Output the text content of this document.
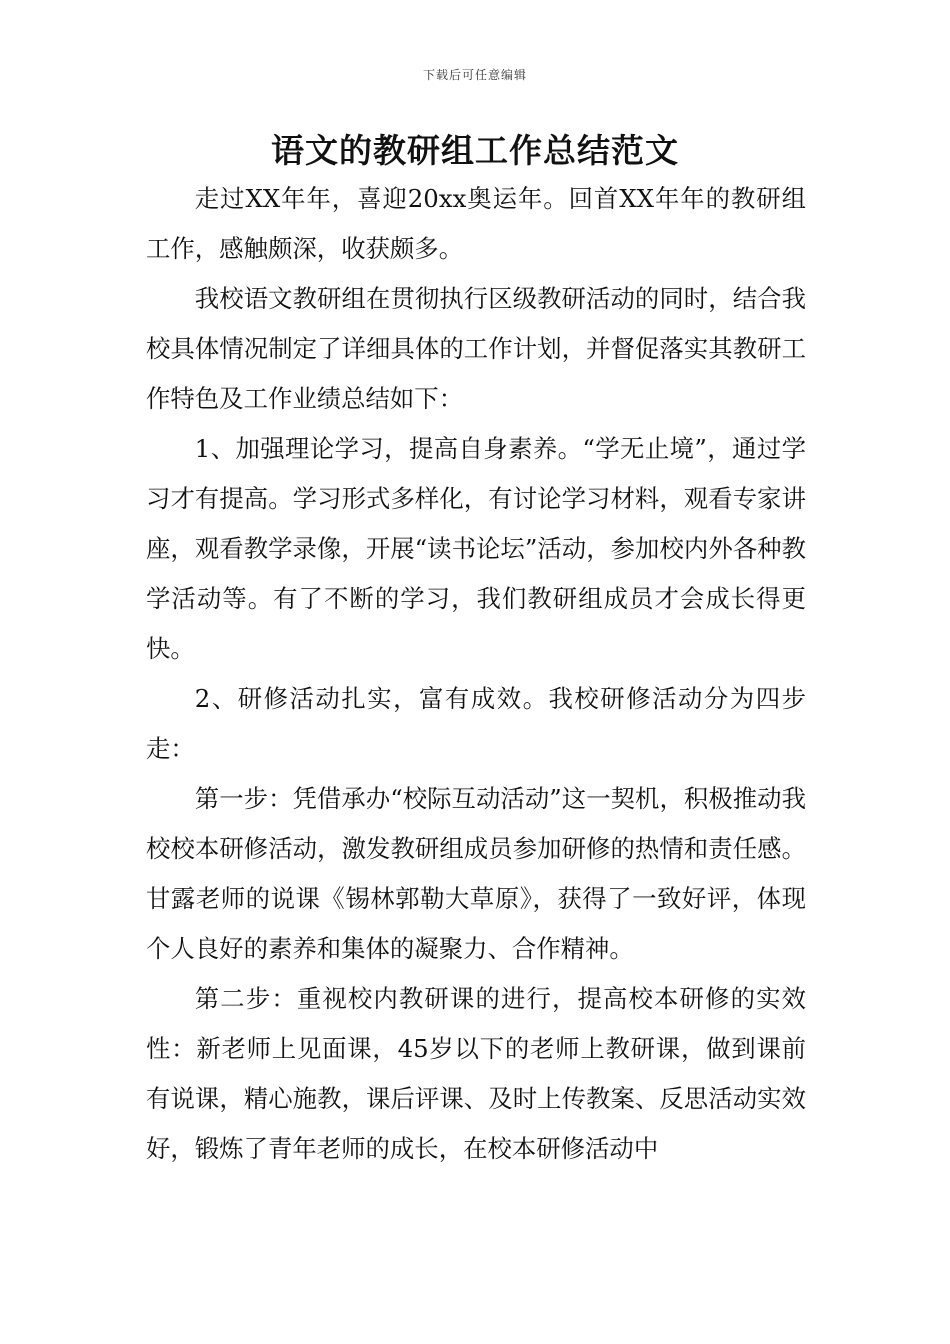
下载后可任意编辑
语文的教研组工作总结范文

走过XX年年，喜迎20xx奥运年。回首XX年年的教研组工作，感触颇深，收获颇多。

我校语文教研组在贯彻执行区级教研活动的同时，结合我校具体情况制定了详细具体的工作计划，并督促落实其教研工作特色及工作业绩总结如下：

1、加强理论学习，提高自身素养。“学无止境”，通过学习才有提高。学习形式多样化，有讨论学习材料，观看专家讲座，观看教学录像，开展“读书论坛”活动，参加校内外各种教学活动等。有了不断的学习，我们教研组成员才会成长得更快。

2、研修活动扎实，富有成效。我校研修活动分为四步走：

第一步：凭借承办“校际互动活动”这一契机，积极推动我校校本研修活动，激发教研组成员参加研修的热情和责任感。甘露老师的说课《锡林郭勒大草原》，获得了一致好评，体现个人良好的素养和集体的凝聚力、合作精神。

第二步：重视校内教研课的进行，提高校本研修的实效性：新老师上见面课，45岁以下的老师上教研课，做到课前有说课，精心施教，课后评课、及时上传教案、反思活动实效好，锻炼了青年老师的成长，在校本研修活动中
